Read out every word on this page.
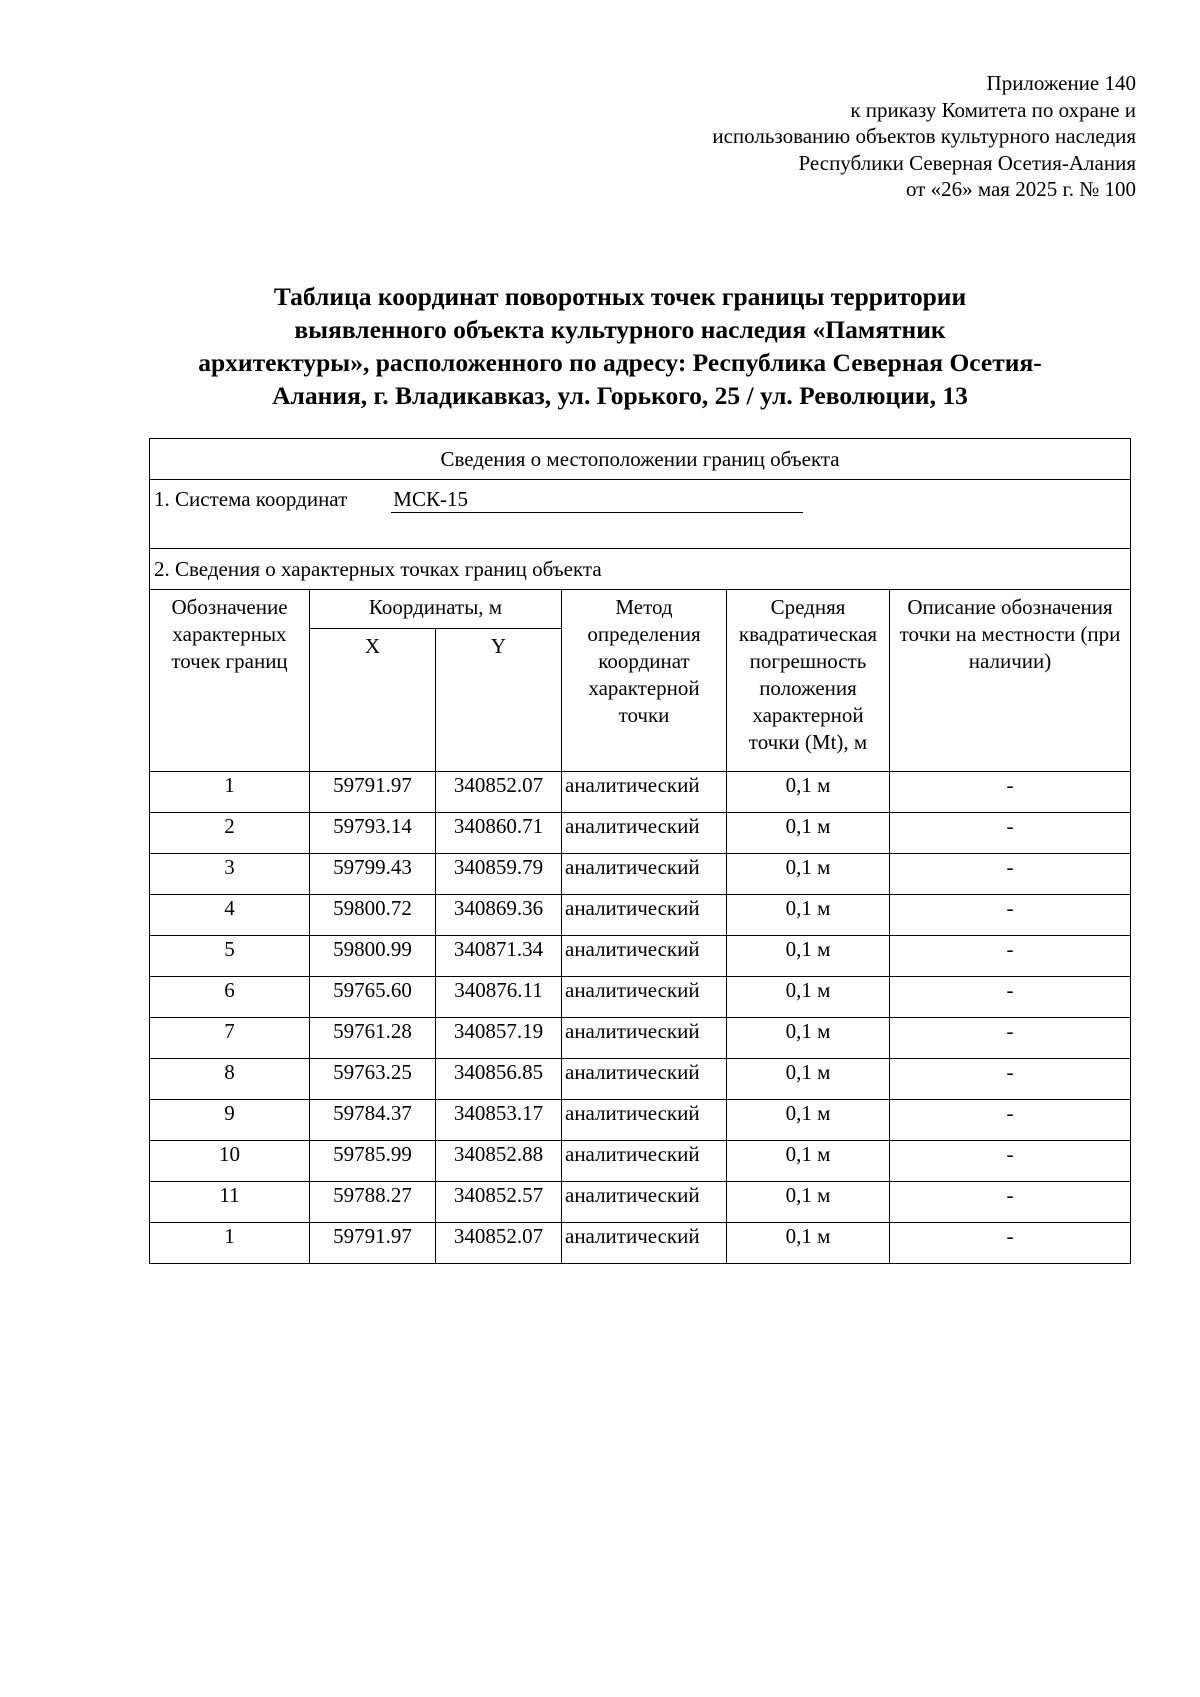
Приложение 140
к приказу Комитета по охране и
использованию объектов культурного наследия
Республики Северная Осетия-Алания
от «26» мая 2025 г. № 100
Таблица координат поворотных точек границы территории
выявленного объекта культурного наследия «Памятник
архитектуры», расположенного по адресу: Республика Северная Осетия-
Алания, г. Владикавказ, ул. Горького, 25 / ул. Революции, 13
Сведения о местоположении границ объекта					
1. Система координат МСК-15					
2. Сведения о характерных точках границ объекта					
Обозначение характерных точек границ	Координаты, м		Метод определения координат характерной точки	Средняя квадратическая погрешность положения характерной точки (Mt), м	Описание обозначения точки на местности (при наличии)
	X	Y			
1	59791.97	340852.07	аналитический	0,1 м	-
2	59793.14	340860.71	аналитический	0,1 м	-
3	59799.43	340859.79	аналитический	0,1 м	-
4	59800.72	340869.36	аналитический	0,1 м	-
5	59800.99	340871.34	аналитический	0,1 м	-
6	59765.60	340876.11	аналитический	0,1 м	-
7	59761.28	340857.19	аналитический	0,1 м	-
8	59763.25	340856.85	аналитический	0,1 м	-
9	59784.37	340853.17	аналитический	0,1 м	-
10	59785.99	340852.88	аналитический	0,1 м	-
11	59788.27	340852.57	аналитический	0,1 м	-
1	59791.97	340852.07	аналитический	0,1 м	-
